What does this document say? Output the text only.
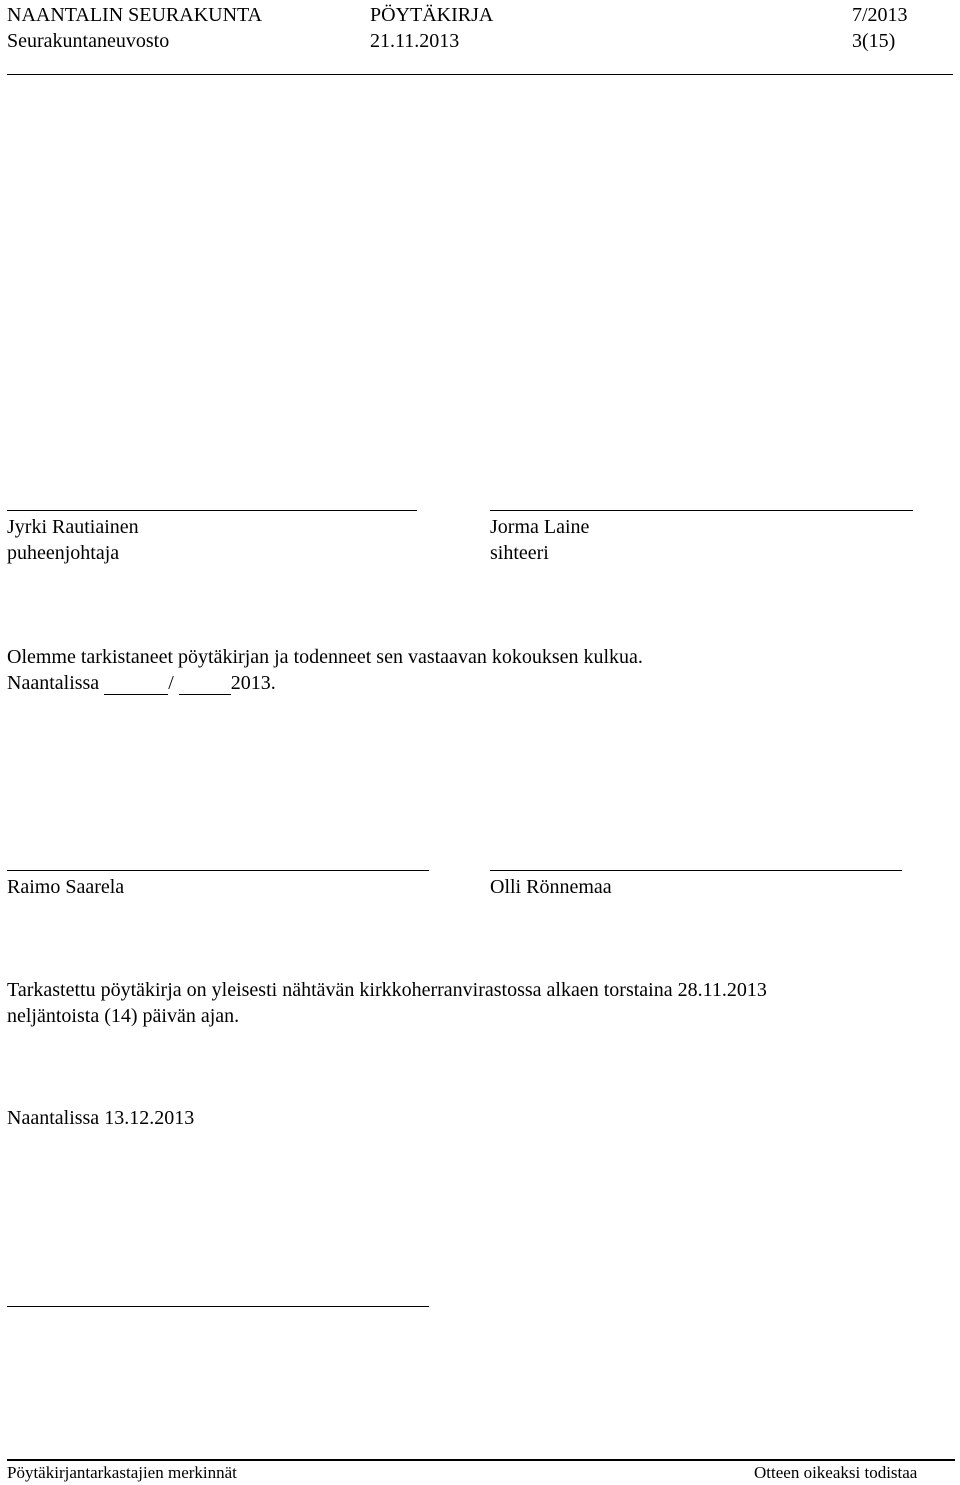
NAANTALIN SEURAKUNTA	PÖYTÄKIRJA	7/2013
Seurakuntaneuvosto	21.11.2013	3(15)
Jyrki Rautiainen
puheenjohtaja
Jorma Laine
sihteeri
Olemme tarkistaneet pöytäkirjan ja todenneet sen vastaavan kokouksen kulkua.
Naantalissa	/	2013.
Raimo Saarela	Olli Rönnemaa
Tarkastettu pöytäkirja on yleisesti nähtävän kirkkoherranvirastossa alkaen torstaina 28.11.2013
neljäntoista (14) päivän ajan.
Naantalissa 13.12.2013
Pöytäkirjantarkastajien merkinnät	Otteen oikeaksi todistaa
